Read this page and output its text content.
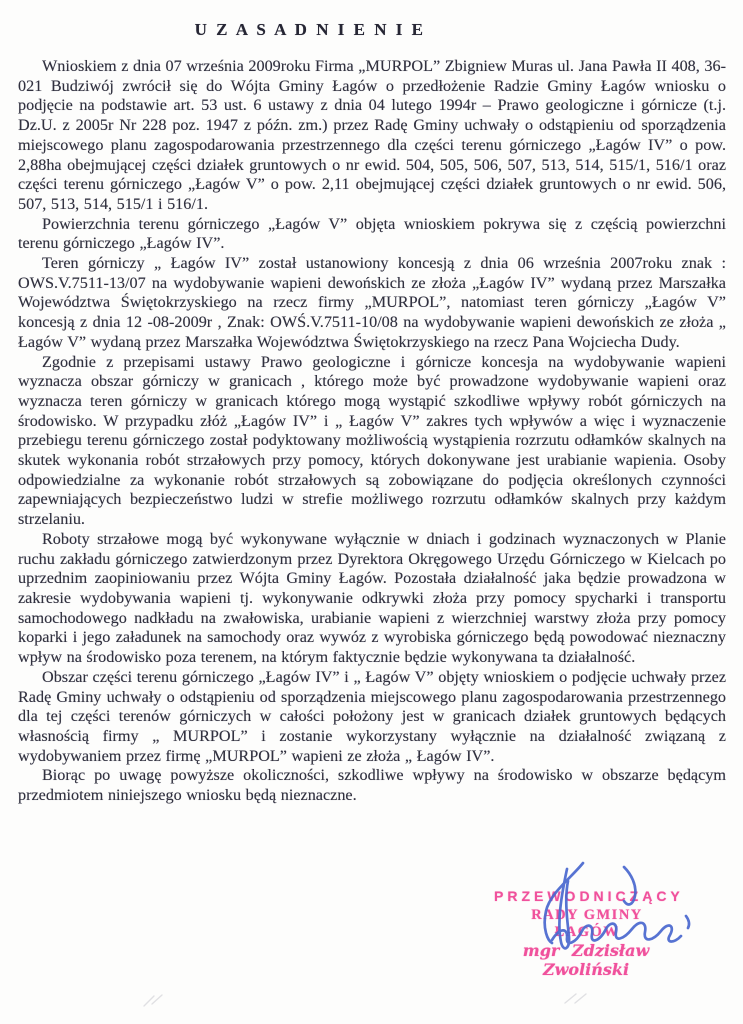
U Z A S A D N I E N I E

Wnioskiem z dnia 07 września 2009roku Firma „MURPOL” Zbigniew Muras ul. Jana Pawła II 408, 36-021 Budziwój zwrócił się do Wójta Gminy Łagów o przedłożenie Radzie Gminy Łagów wniosku o podjęcie na podstawie art. 53 ust. 6 ustawy z dnia 04 lutego 1994r – Prawo geologiczne i górnicze (t.j. Dz.U. z 2005r Nr 228 poz. 1947 z późn. zm.) przez Radę Gminy uchwały o odstąpieniu od sporządzenia miejscowego planu zagospodarowania przestrzennego dla części terenu górniczego „Łagów IV” o pow. 2,88ha obejmującej części działek gruntowych o nr ewid. 504, 505, 506, 507, 513, 514, 515/1, 516/1 oraz części terenu górniczego „Łagów V” o pow. 2,11 obejmującej części działek gruntowych o nr ewid. 506, 507, 513, 514, 515/1 i 516/1.

Powierzchnia terenu górniczego „Łagów V” objęta wnioskiem pokrywa się z częścią powierzchni terenu górniczego „Łagów IV”.

Teren górniczy „ Łagów IV” został ustanowiony koncesją z dnia 06 września 2007roku znak : OWS.V.7511-13/07 na wydobywanie wapieni dewońskich ze złoża „Łagów IV” wydaną przez Marszałka Województwa Świętokrzyskiego na rzecz firmy „MURPOL”, natomiast teren górniczy „Łagów V” koncesją z dnia 12 -08-2009r , Znak: OWŚ.V.7511-10/08 na wydobywanie wapieni dewońskich ze złoża „ Łagów V” wydaną przez Marszałka Województwa Świętokrzyskiego na rzecz Pana Wojciecha Dudy.

Zgodnie z przepisami ustawy Prawo geologiczne i górnicze koncesja na wydobywanie wapieni wyznacza obszar górniczy w granicach , którego może być prowadzone wydobywanie wapieni oraz wyznacza teren górniczy w granicach którego mogą wystąpić szkodliwe wpływy robót górniczych na środowisko. W przypadku złóż „Łagów IV” i „ Łagów V” zakres tych wpływów a więc i wyznaczenie przebiegu terenu górniczego został podyktowany możliwością wystąpienia rozrzutu odłamków skalnych na skutek wykonania robót strzałowych przy pomocy, których dokonywane jest urabianie wapienia. Osoby odpowiedzialne za wykonanie robót strzałowych są zobowiązane do podjęcia określonych czynności zapewniających bezpieczeństwo ludzi w strefie możliwego rozrzutu odłamków skalnych przy każdym strzelaniu.

Roboty strzałowe mogą być wykonywane wyłącznie w dniach i godzinach wyznaczonych w Planie ruchu zakładu górniczego zatwierdzonym przez Dyrektora Okręgowego Urzędu Górniczego w Kielcach po uprzednim zaopiniowaniu przez Wójta Gminy Łagów. Pozostała działalność jaka będzie prowadzona w zakresie wydobywania wapieni tj. wykonywanie odkrywki złoża przy pomocy spycharki i transportu samochodowego nadkładu na zwałowiska, urabianie wapieni z wierzchniej warstwy złoża przy pomocy koparki i jego załadunek na samochody oraz wywóz z wyrobiska górniczego będą powodować nieznaczny wpływ na środowisko poza terenem, na którym faktycznie będzie wykonywana ta działalność.

Obszar części terenu górniczego „Łagów IV” i „ Łagów V” objęty wnioskiem o podjęcie uchwały przez Radę Gminy uchwały o odstąpieniu od sporządzenia miejscowego planu zagospodarowania przestrzennego dla tej części terenów górniczych w całości położony jest w granicach działek gruntowych będących własnością firmy „ MURPOL” i zostanie wykorzystany wyłącznie na działalność związaną z wydobywaniem przez firmę „MURPOL” wapieni ze złoża „ Łagów IV”.

Biorąc po uwagę powyższe okoliczności, szkodliwe wpływy na środowisko w obszarze będącym przedmiotem niniejszego wniosku będą nieznaczne.

PRZEWODNICZĄCY
RADY GMINY ŁAGÓW
mgr Zdzisław Zwoliński
